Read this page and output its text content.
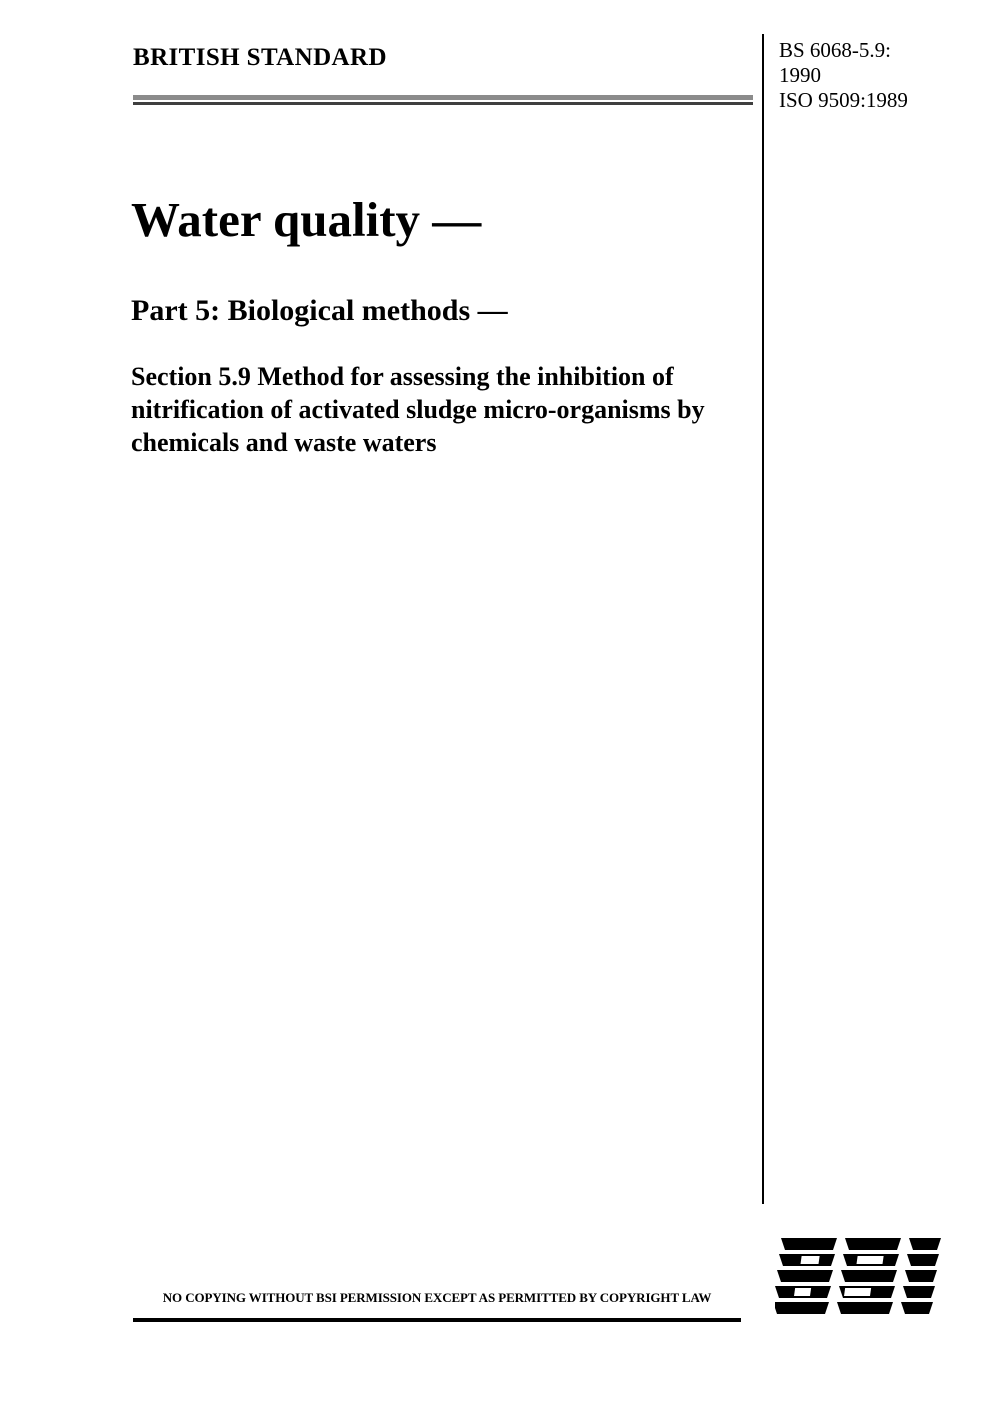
BRITISH STANDARD	BS 6068-5.9:
1990
ISO 9509:1989
Water quality —
Part 5: Biological methods —
Section 5.9 Method for assessing the inhibition of nitrification of activated sludge micro-organisms by chemicals and waste waters
NO COPYING WITHOUT BSI PERMISSION EXCEPT AS PERMITTED BY COPYRIGHT LAW
